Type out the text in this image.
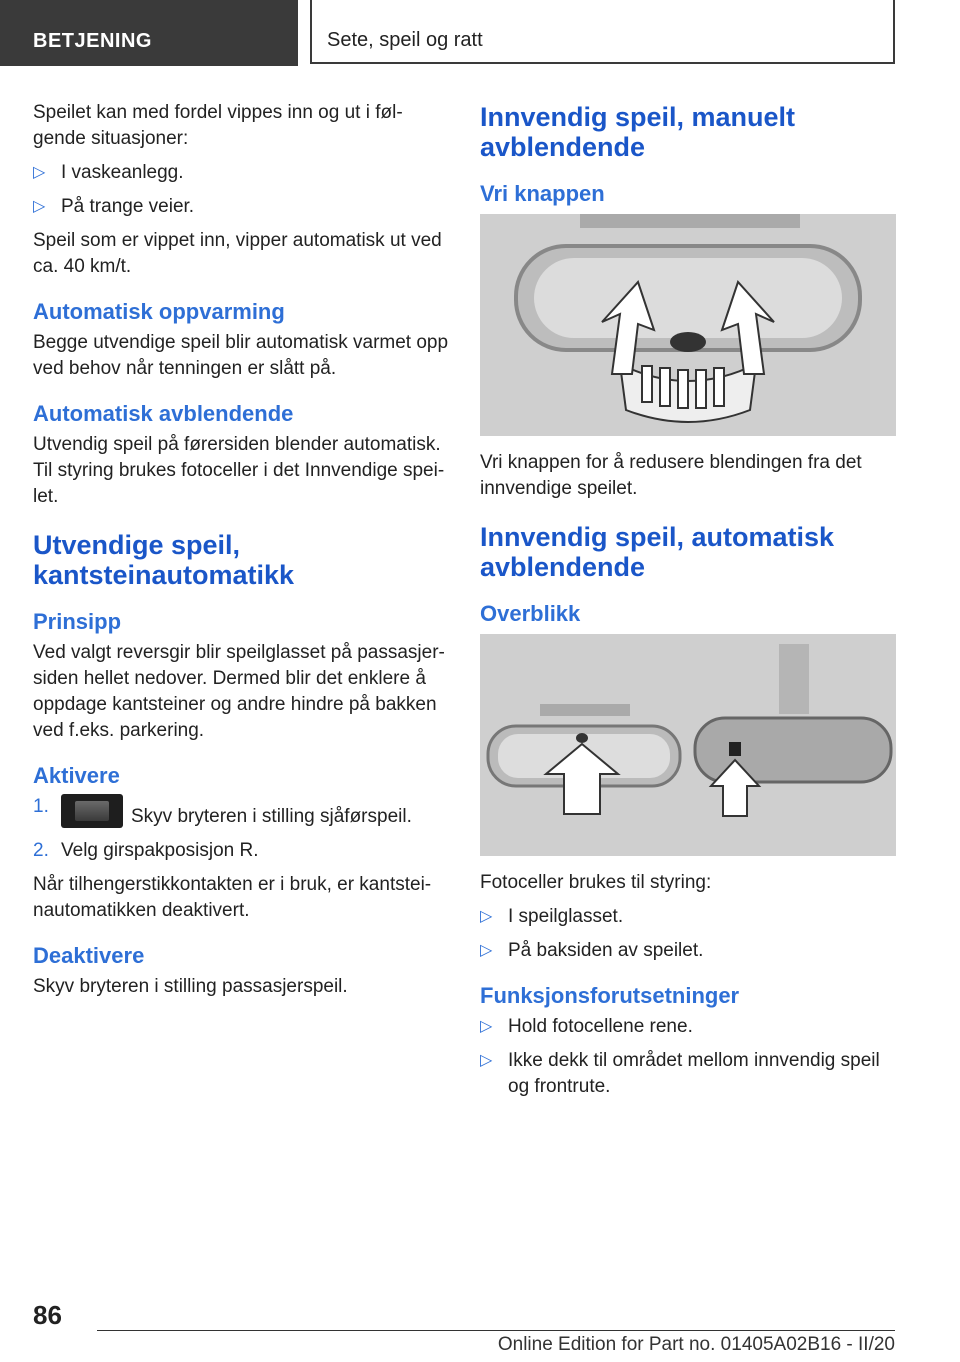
BETJENING	Sete, speil og ratt

Speilet kan med fordel vippes inn og ut i følgende situasjoner:

▷ I vaskeanlegg.
▷ På trange veier.

Speil som er vippet inn, vipper automatisk ut ved ca. 40 km/t.

Automatisk oppvarming

Begge utvendige speil blir automatisk varmet opp ved behov når tenningen er slått på.

Automatisk avblendende

Utvendig speil på førersiden blender automatisk. Til styring brukes fotoceller i det Innvendige speilet.

Utvendige speil, kantsteinautomatikk
Prinsipp

Ved valgt reversgir blir speilglasset på passasjersiden hellet nedover. Dermed blir det enklere å oppdage kantsteiner og andre hindre på bakken ved f.eks. parkering.

Aktivere
1.	Skyv bryteren i stilling sjåførspeil.
2. Velg girspakposisjon R.

Når tilhengerstikkontakten er i bruk, er kantsteinautomatikken deaktivert.

Deaktivere

Skyv bryteren i stilling passasjerspeil.

Innvendig speil, manuelt avblendende
Vri knappen

Vri knappen for å redusere blendingen fra det innvendige speilet.

Innvendig speil, automatisk avblendende
Overblikk

Fotoceller brukes til styring:

▷ I speilglasset.
▷ På baksiden av speilet.
Funksjonsforutsetninger
▷ Hold fotocellene rene.
▷ Ikke dekk til området mellom innvendig speil og frontrute.
86
Online Edition for Part no. 01405A02B16 - II/20
